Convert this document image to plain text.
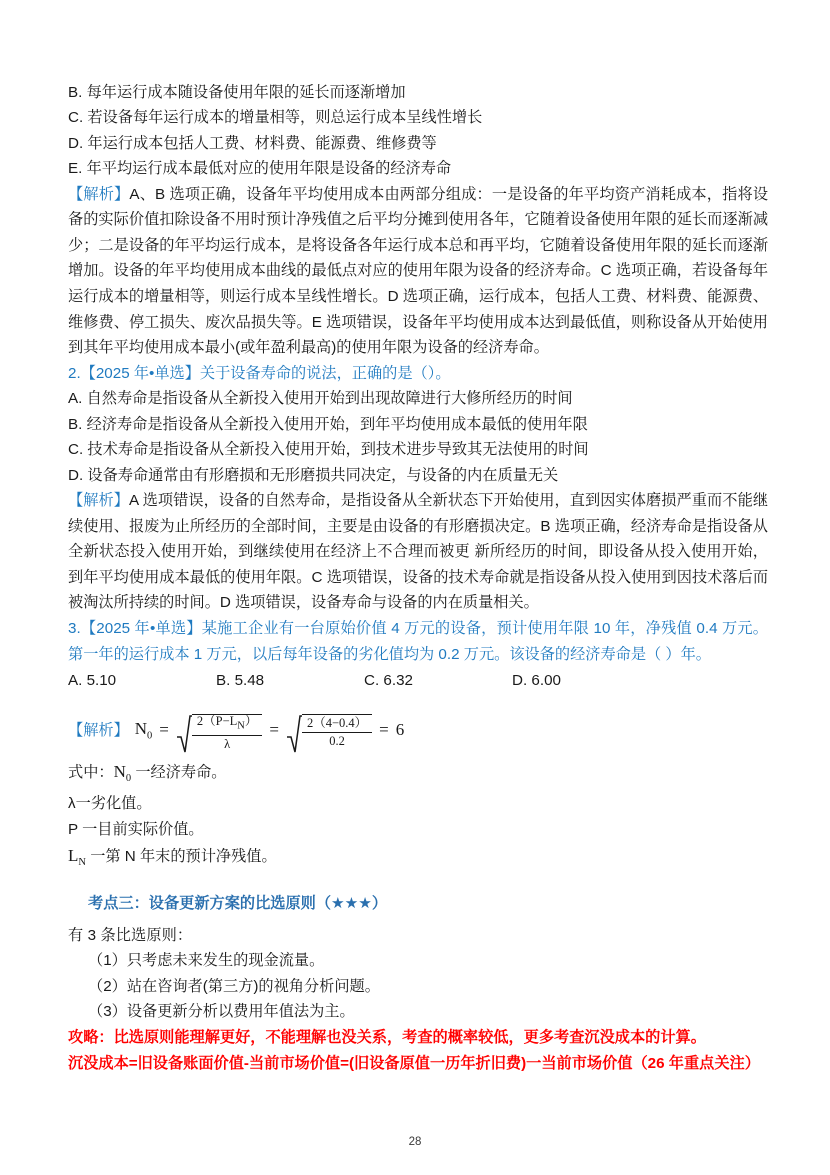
B. 每年运行成本随设备使用年限的延长而逐渐增加
C. 若设备每年运行成本的增量相等，则总运行成本呈线性增长
D. 年运行成本包括人工费、材料费、能源费、维修费等
E. 年平均运行成本最低对应的使用年限是设备的经济寿命
【解析】A、B 选项正确，设备年平均使用成本由两部分组成：一是设备的年平均资产消耗成本，指将设备的实际价值扣除设备不用时预计净残值之后平均分摊到使用各年，它随着设备使用年限的延长而逐渐减少；二是设备的年平均运行成本，是将设备各年运行成本总和再平均，它随着设备使用年限的延长而逐渐增加。设备的年平均使用成本曲线的最低点对应的使用年限为设备的经济寿命。C 选项正确，若设备每年运行成本的增量相等，则运行成本呈线性增长。D 选项正确，运行成本，包括人工费、材料费、能源费、维修费、停工损失、废次品损失等。E 选项错误，设备年平均使用成本达到最低值，则称设备从开始使用到其年平均使用成本最小(或年盈利最高)的使用年限为设备的经济寿命。
2.【2025 年•单选】关于设备寿命的说法，正确的是（）。
A. 自然寿命是指设备从全新投入使用开始到出现故障进行大修所经历的时间
B. 经济寿命是指设备从全新投入使用开始，到年平均使用成本最低的使用年限
C. 技术寿命是指设备从全新投入使用开始，到技术进步导致其无法使用的时间
D. 设备寿命通常由有形磨损和无形磨损共同决定，与设备的内在质量无关
【解析】A 选项错误，设备的自然寿命，是指设备从全新状态下开始使用，直到因实体磨损严重而不能继续使用、报废为止所经历的全部时间，主要是由设备的有形磨损决定。B 选项正确，经济寿命是指设备从全新状态投入使用开始，到继续使用在经济上不合理而被更 新所经历的时间，即设备从投入使用开始，到年平均使用成本最低的使用年限。C 选项错误，设备的技术寿命就是指设备从投入使用到因技术落后而被淘汰所持续的时间。D 选项错误，设备寿命与设备的内在质量相关。
3.【2025 年•单选】某施工企业有一台原始价值 4 万元的设备，预计使用年限 10 年，净残值 0.4 万元。第一年的运行成本 1 万元，以后每年设备的劣化值均为 0.2 万元。该设备的经济寿命是（ ）年。
A. 5.10	B. 5.48	C. 6.32	D. 6.00
【解析】 $N_0 = \frac{2(P-L_N)}{\lambda} = \frac{2(4-0.4)}{0.2} = 6$
式中：$N_0$ 一经济寿命。
λ一劣化值。
P 一目前实际价值。
$L_N$ 一第 N 年末的预计净残值。
考点三：设备更新方案的比选原则（★★★）
有 3 条比选原则：
（1）只考虑未来发生的现金流量。
（2）站在咨询者(第三方)的视角分析问题。
（3）设备更新分析以费用年值法为主。
攻略：比选原则能理解更好，不能理解也没关系，考查的概率较低，更多考查沉没成本的计算。
沉没成本=旧设备账面价值-当前市场价值=(旧设备原值一历年折旧费)一当前市场价值（26 年重点关注）
28
